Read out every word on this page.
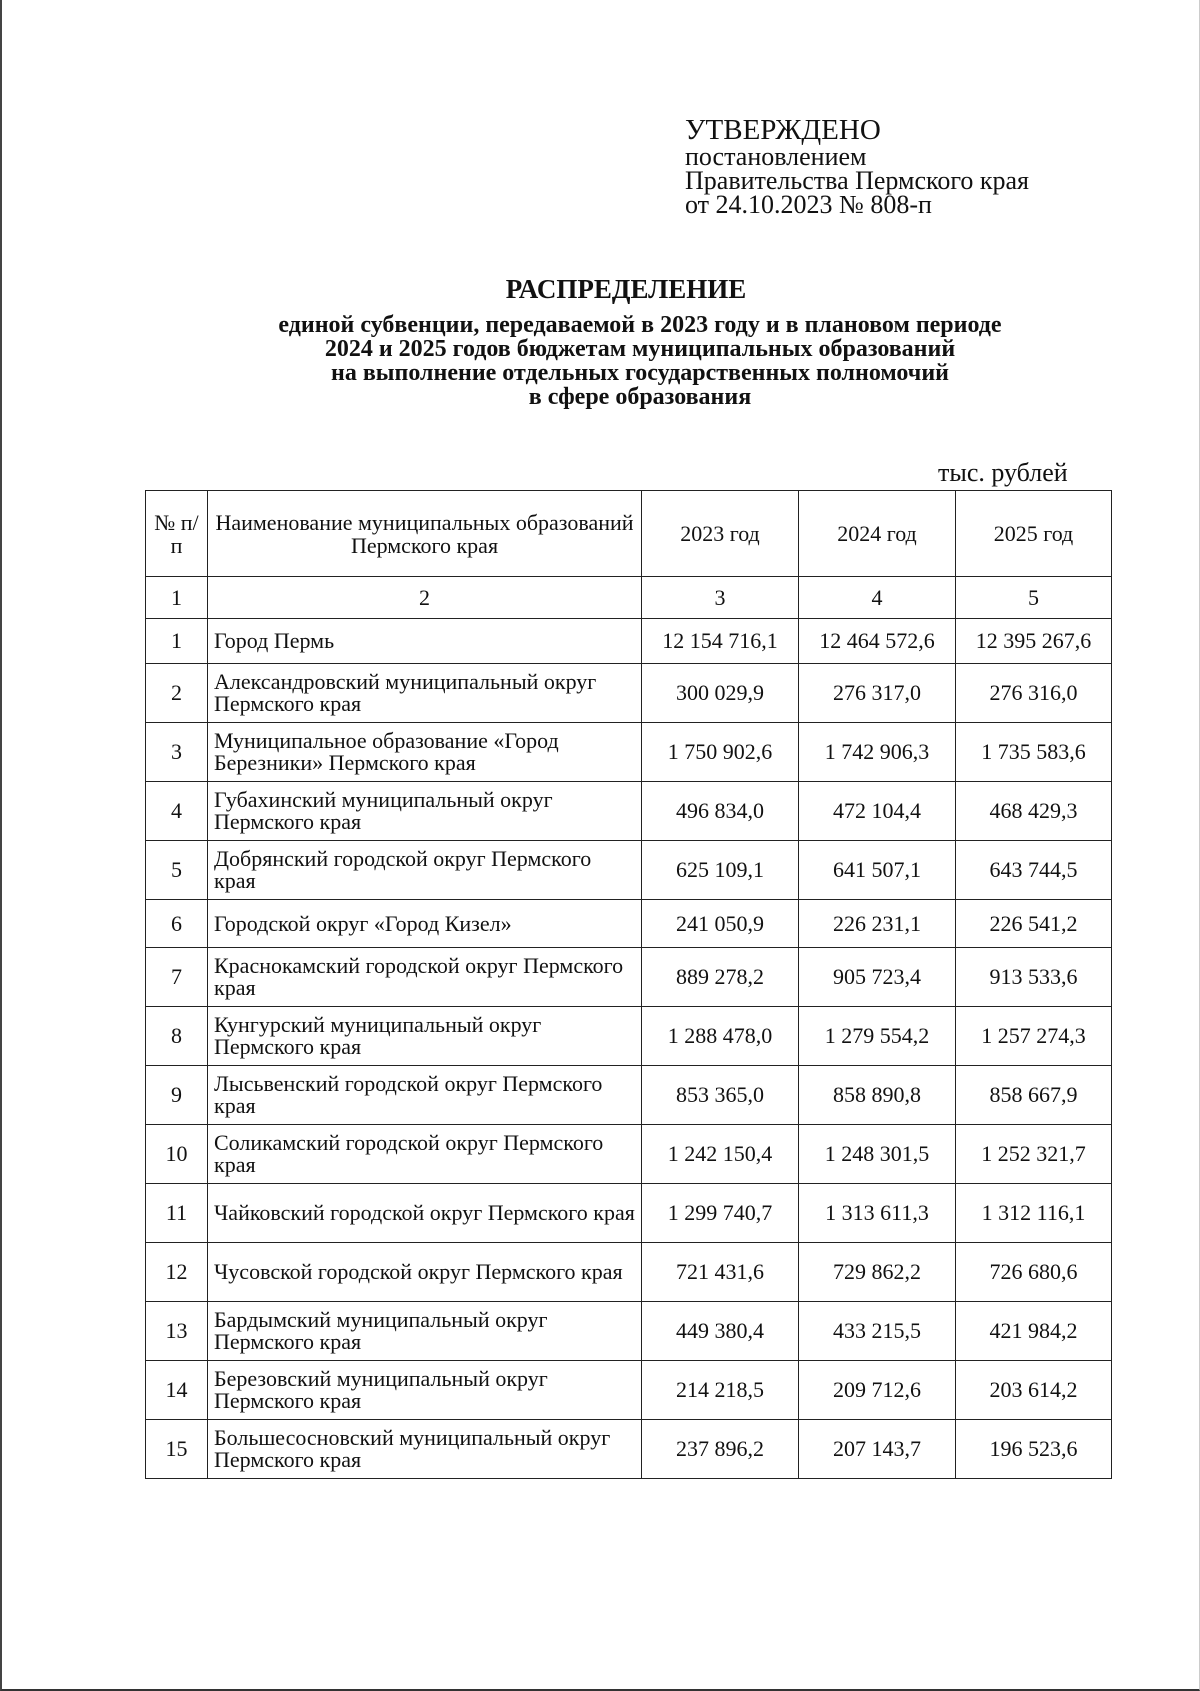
УТВЕРЖДЕНО
постановлением
Правительства Пермского края
от 24.10.2023 № 808-п
РАСПРЕДЕЛЕНИЕ
единой субвенции, передаваемой в 2023 году и в плановом периоде
2024 и 2025 годов бюджетам муниципальных образований
на выполнение отдельных государственных полномочий
в сфере образования
тыс. рублей
№ п/п	Наименование муниципальных образований Пермского края	2023 год	2024 год	2025 год
1	2	3	4	5
1	Город Пермь	12 154 716,1	12 464 572,6	12 395 267,6
2	Александровский муниципальный округ Пермского края	300 029,9	276 317,0	276 316,0
3	Муниципальное образование «Город Березники» Пермского края	1 750 902,6	1 742 906,3	1 735 583,6
4	Губахинский муниципальный округ Пермского края	496 834,0	472 104,4	468 429,3
5	Добрянский городской округ Пермского края	625 109,1	641 507,1	643 744,5
6	Городской округ «Город Кизел»	241 050,9	226 231,1	226 541,2
7	Краснокамский городской округ Пермского края	889 278,2	905 723,4	913 533,6
8	Кунгурский муниципальный округ Пермского края	1 288 478,0	1 279 554,2	1 257 274,3
9	Лысьвенский городской округ Пермского края	853 365,0	858 890,8	858 667,9
10	Соликамский городской округ Пермского края	1 242 150,4	1 248 301,5	1 252 321,7
11	Чайковский городской округ Пермского края	1 299 740,7	1 313 611,3	1 312 116,1
12	Чусовской городской округ Пермского края	721 431,6	729 862,2	726 680,6
13	Бардымский муниципальный округ Пермского края	449 380,4	433 215,5	421 984,2
14	Березовский муниципальный округ Пермского края	214 218,5	209 712,6	203 614,2
15	Большесосновский муниципальный округ Пермского края	237 896,2	207 143,7	196 523,6
